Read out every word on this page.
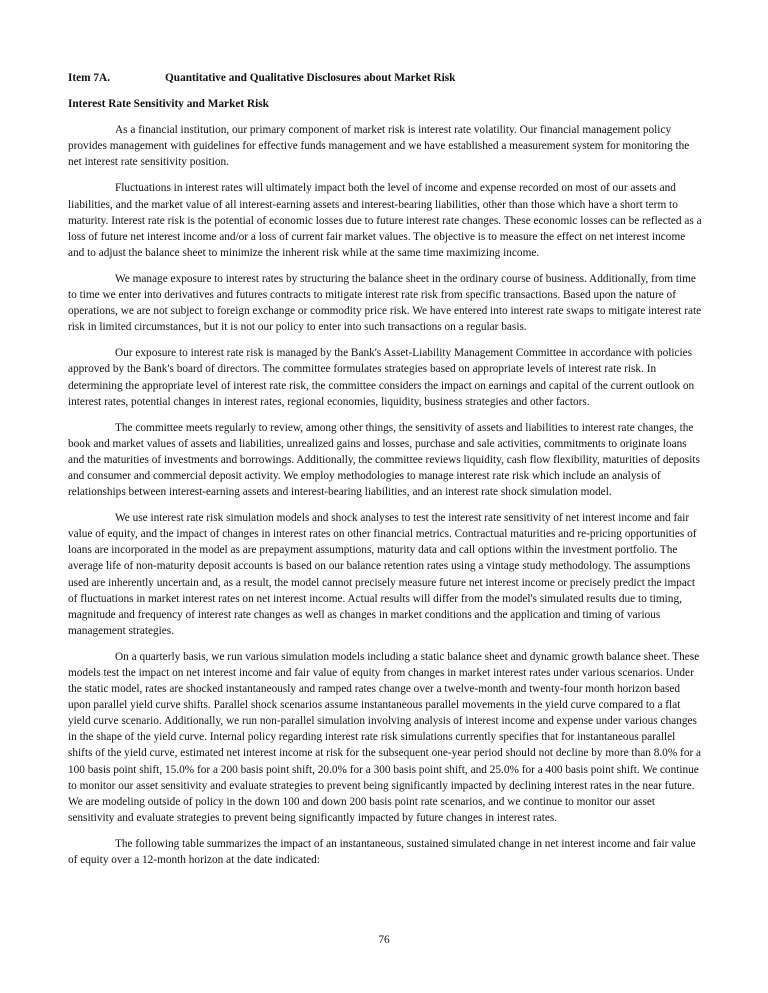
Item 7A.	Quantitative and Qualitative Disclosures about Market Risk
Interest Rate Sensitivity and Market Risk

As a financial institution, our primary component of market risk is interest rate volatility. Our financial management policy provides management with guidelines for effective funds management and we have established a measurement system for monitoring the net interest rate sensitivity position.

Fluctuations in interest rates will ultimately impact both the level of income and expense recorded on most of our assets and liabilities, and the market value of all interest-earning assets and interest-bearing liabilities, other than those which have a short term to maturity. Interest rate risk is the potential of economic losses due to future interest rate changes. These economic losses can be reflected as a loss of future net interest income and/or a loss of current fair market values. The objective is to measure the effect on net interest income and to adjust the balance sheet to minimize the inherent risk while at the same time maximizing income.

We manage exposure to interest rates by structuring the balance sheet in the ordinary course of business. Additionally, from time to time we enter into derivatives and futures contracts to mitigate interest rate risk from specific transactions. Based upon the nature of operations, we are not subject to foreign exchange or commodity price risk. We have entered into interest rate swaps to mitigate interest rate risk in limited circumstances, but it is not our policy to enter into such transactions on a regular basis.

Our exposure to interest rate risk is managed by the Bank's Asset-Liability Management Committee in accordance with policies approved by the Bank's board of directors. The committee formulates strategies based on appropriate levels of interest rate risk. In determining the appropriate level of interest rate risk, the committee considers the impact on earnings and capital of the current outlook on interest rates, potential changes in interest rates, regional economies, liquidity, business strategies and other factors.

The committee meets regularly to review, among other things, the sensitivity of assets and liabilities to interest rate changes, the book and market values of assets and liabilities, unrealized gains and losses, purchase and sale activities, commitments to originate loans and the maturities of investments and borrowings. Additionally, the committee reviews liquidity, cash flow flexibility, maturities of deposits and consumer and commercial deposit activity. We employ methodologies to manage interest rate risk which include an analysis of relationships between interest-earning assets and interest-bearing liabilities, and an interest rate shock simulation model.

We use interest rate risk simulation models and shock analyses to test the interest rate sensitivity of net interest income and fair value of equity, and the impact of changes in interest rates on other financial metrics. Contractual maturities and re-pricing opportunities of loans are incorporated in the model as are prepayment assumptions, maturity data and call options within the investment portfolio. The average life of non-maturity deposit accounts is based on our balance retention rates using a vintage study methodology. The assumptions used are inherently uncertain and, as a result, the model cannot precisely measure future net interest income or precisely predict the impact of fluctuations in market interest rates on net interest income. Actual results will differ from the model's simulated results due to timing, magnitude and frequency of interest rate changes as well as changes in market conditions and the application and timing of various management strategies.

On a quarterly basis, we run various simulation models including a static balance sheet and dynamic growth balance sheet. These models test the impact on net interest income and fair value of equity from changes in market interest rates under various scenarios. Under the static model, rates are shocked instantaneously and ramped rates change over a twelve-month and twenty-four month horizon based upon parallel yield curve shifts. Parallel shock scenarios assume instantaneous parallel movements in the yield curve compared to a flat yield curve scenario. Additionally, we run non-parallel simulation involving analysis of interest income and expense under various changes in the shape of the yield curve. Internal policy regarding interest rate risk simulations currently specifies that for instantaneous parallel shifts of the yield curve, estimated net interest income at risk for the subsequent one-year period should not decline by more than 8.0% for a 100 basis point shift, 15.0% for a 200 basis point shift, 20.0% for a 300 basis point shift, and 25.0% for a 400 basis point shift. We continue to monitor our asset sensitivity and evaluate strategies to prevent being significantly impacted by declining interest rates in the near future. We are modeling outside of policy in the down 100 and down 200 basis point rate scenarios, and we continue to monitor our asset sensitivity and evaluate strategies to prevent being significantly impacted by future changes in interest rates.

The following table summarizes the impact of an instantaneous, sustained simulated change in net interest income and fair value of equity over a 12-month horizon at the date indicated:

76
